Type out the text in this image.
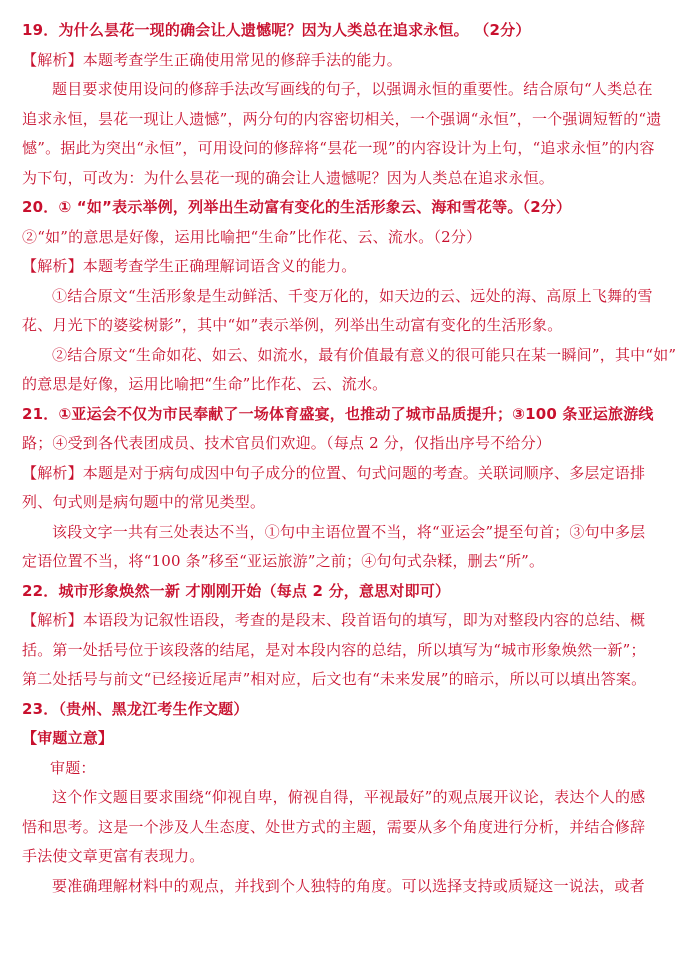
19．为什么昙花一现的确会让人遗憾呢？因为人类总在追求永恒。 （2分）
【解析】本题考查学生正确使用常见的修辞手法的能力。
题目要求使用设问的修辞手法改写画线的句子，以强调永恒的重要性。结合原句“人类总在
追求永恒，昙花一现让人遗憾”，两分句的内容密切相关，一个强调“永恒”，一个强调短暂的“遗
憾”。据此为突出“永恒”，可用设问的修辞将“昙花一现”的内容设计为上句，“追求永恒”的内容
为下句，可改为：为什么昙花一现的确会让人遗憾呢？因为人类总在追求永恒。
20．① “如”表示举例，列举出生动富有变化的生活形象云、海和雪花等。（2分）
②“如”的意思是好像，运用比喻把“生命”比作花、云、流水。（2分）
【解析】本题考查学生正确理解词语含义的能力。
①结合原文“生活形象是生动鲜活、千变万化的，如天边的云、远处的海、高原上飞舞的雪
花、月光下的婆娑树影”，其中“如”表示举例，列举出生动富有变化的生活形象。
②结合原文“生命如花、如云、如流水，最有价值最有意义的很可能只在某一瞬间”，其中“如”
的意思是好像，运用比喻把“生命”比作花、云、流水。
21．①亚运会不仅为市民奉献了一场体育盛宴，也推动了城市品质提升；③100 条亚运旅游线
路；④受到各代表团成员、技术官员们欢迎。（每点 2 分，仅指出序号不给分）
【解析】本题是对于病句成因中句子成分的位置、句式问题的考查。关联词顺序、多层定语排
列、句式则是病句题中的常见类型。
该段文字一共有三处表达不当，①句中主语位置不当，将“亚运会”提至句首；③句中多层
定语位置不当，将“100 条”移至“亚运旅游”之前；④句句式杂糅，删去“所”。
22．城市形象焕然一新 才刚刚开始（每点 2 分，意思对即可）
【解析】本语段为记叙性语段，考查的是段末、段首语句的填写，即为对整段内容的总结、概
括。第一处括号位于该段落的结尾，是对本段内容的总结，所以填写为“城市形象焕然一新”；
第二处括号与前文“已经接近尾声”相对应，后文也有“未来发展”的暗示，所以可以填出答案。
23．（贵州、黑龙江考生作文题）
【审题立意】
审题：
这个作文题目要求围绕“仰视自卑，俯视自得，平视最好”的观点展开议论，表达个人的感
悟和思考。这是一个涉及人生态度、处世方式的主题，需要从多个角度进行分析，并结合修辞
手法使文章更富有表现力。
要准确理解材料中的观点，并找到个人独特的角度。可以选择支持或质疑这一说法，或者
